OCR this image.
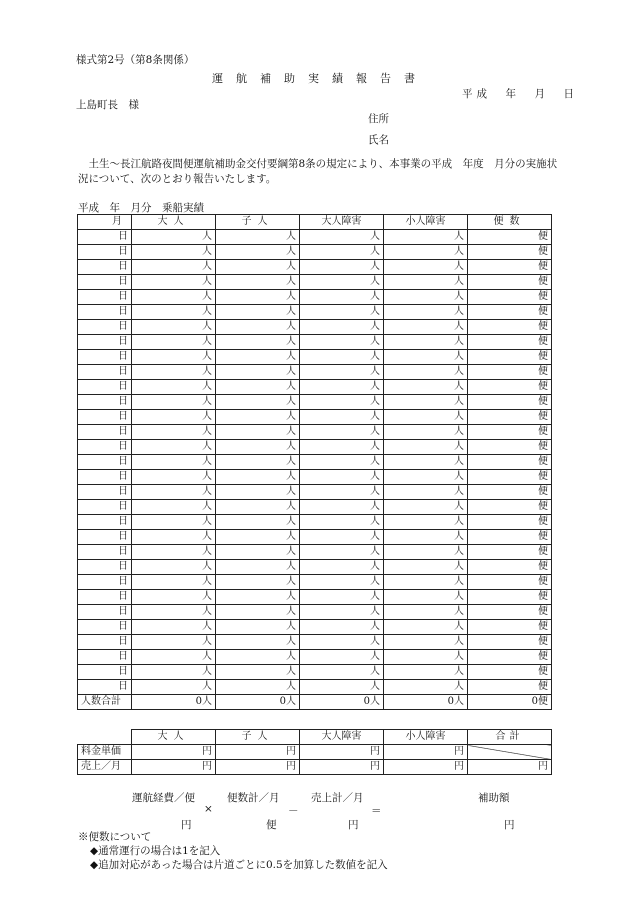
様式第2号（第8条関係）
運航補助実績報告書
平成　年　月　日
上島町長　様
住所
氏名
土生～長江航路夜間便運航補助金交付要綱第8条の規定により、本事業の平成　年度　月分の実施状況について、次のとおり報告いたします。
平成　年　月分　乗船実績
月	大人	子人	大人障害	小人障害	便数
日	人	人	人	人	便
日	人	人	人	人	便
日	人	人	人	人	便
日	人	人	人	人	便
日	人	人	人	人	便
日	人	人	人	人	便
日	人	人	人	人	便
日	人	人	人	人	便
日	人	人	人	人	便
日	人	人	人	人	便
日	人	人	人	人	便
日	人	人	人	人	便
日	人	人	人	人	便
日	人	人	人	人	便
日	人	人	人	人	便
日	人	人	人	人	便
日	人	人	人	人	便
日	人	人	人	人	便
日	人	人	人	人	便
日	人	人	人	人	便
日	人	人	人	人	便
日	人	人	人	人	便
日	人	人	人	人	便
日	人	人	人	人	便
日	人	人	人	人	便
日	人	人	人	人	便
日	人	人	人	人	便
日	人	人	人	人	便
日	人	人	人	人	便
日	人	人	人	人	便
日	人	人	人	人	便
人数合計	0人	0人	0人	0人	0便
	大人	子人	大人障害	小人障害	合計
料金単価	円	円	円	円	
売上／月	円	円	円	円	円
運航経費／便	便数計／月	売上計／月	補助額
×	－	＝
円	便	円	円
※便数について
◆通常運行の場合は1を記入
◆追加対応があった場合は片道ごとに0.5を加算した数値を記入
